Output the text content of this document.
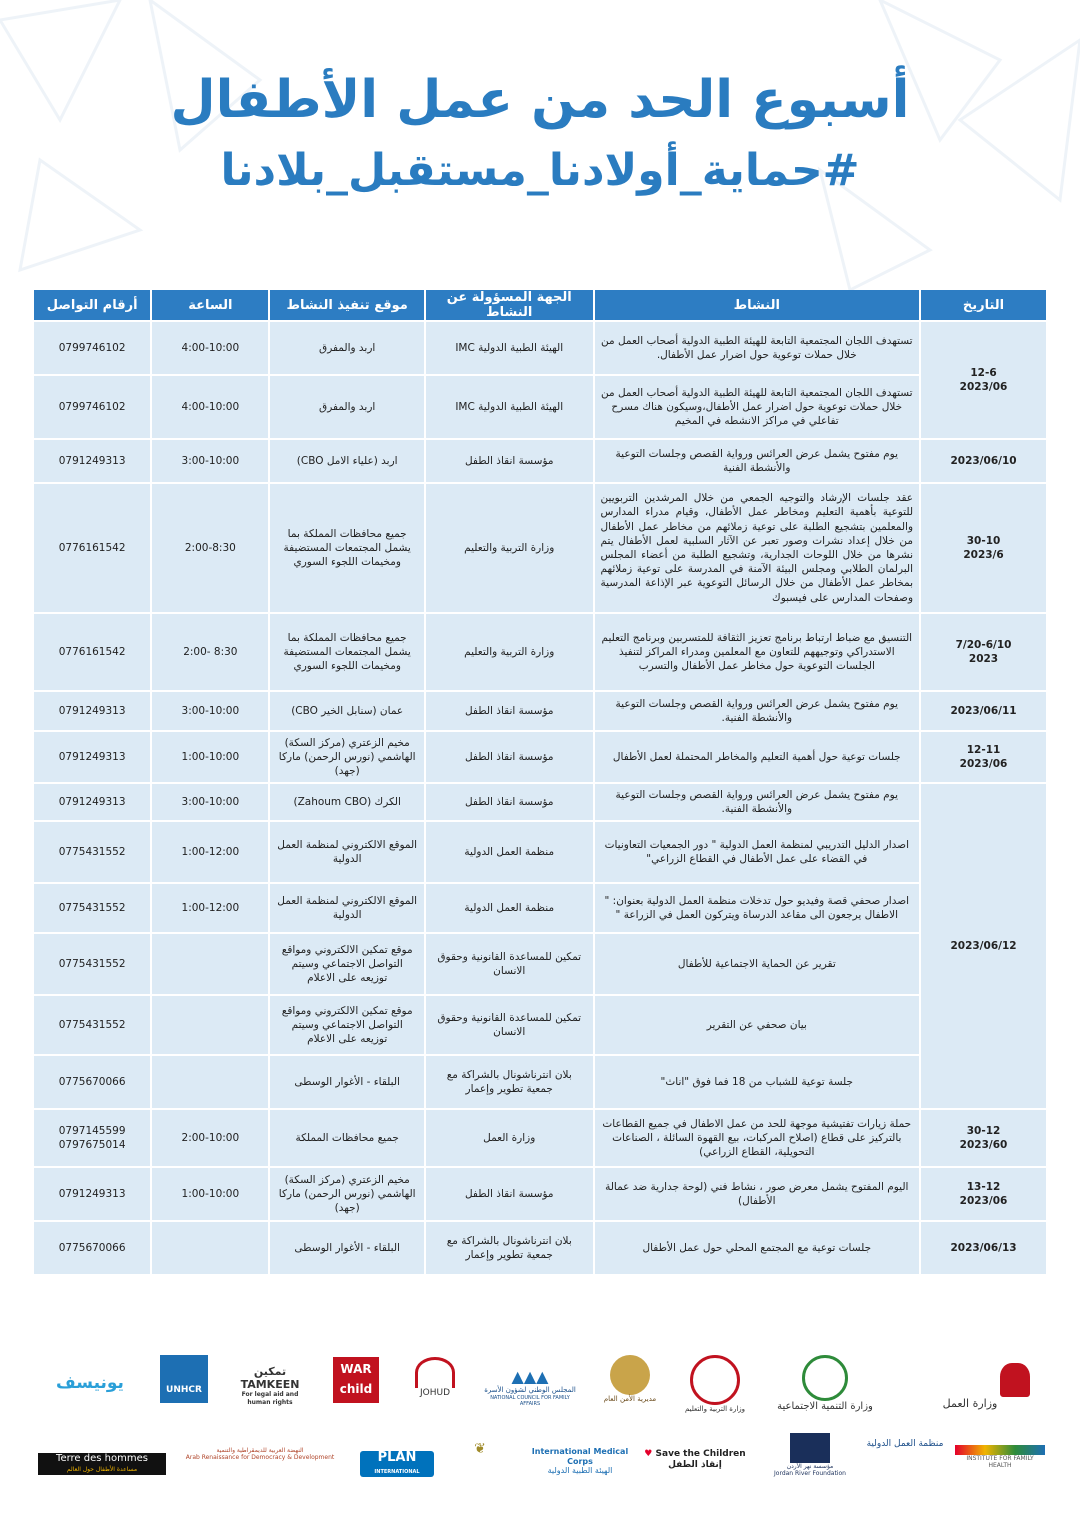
أسبوع الحد من عمل الأطفال
#حماية_أولادنا_مستقبل_بلادنا
التاريخ	النشاط	الجهة المسؤولة عن النشاط	موقع تنفيذ النشاط	الساعة	أرقام التواصل
12-6
2023/06	تستهدف اللجان المجتمعية التابعة للهيئة الطبية الدولية أصحاب العمل من خلال حملات توعوية حول اضرار عمل الأطفال.	الهيئة الطبية الدولية IMC	اربد والمفرق	4:00-10:00	0799746102
	تستهدف اللجان المجتمعية التابعة للهيئة الطبية الدولية أصحاب العمل من خلال حملات توعوية حول اضرار عمل الأطفال،وسيكون هناك مسرح تفاعلي في مراكز الانشطه في المخيم	الهيئة الطبية الدولية IMC	اربد والمفرق	4:00-10:00	0799746102
2023/06/10	يوم مفتوح يشمل عرض العرائس ورواية القصص وجلسات التوعية والأنشطة الفنية	مؤسسة انقاذ الطفل	اربد (علياء الامل CBO)	3:00-10:00	0791249313
30-10
2023/6	عقد جلسات الإرشاد والتوجيه الجمعي من خلال المرشدين التربويين للتوعية بأهمية التعليم ومخاطر عمل الأطفال، وقيام مدراء المدارس والمعلمين بتشجيع الطلبة على توعية زملائهم من مخاطر عمل الأطفال من خلال إعداد نشرات وصور تعبر عن الآثار السلبية لعمل الأطفال يتم نشرها من خلال اللوحات الجدارية، وتشجيع الطلبة من أعضاء المجلس البرلمان الطلابي ومجلس البيئة الآمنة في المدرسة على توعية زملائهم بمخاطر عمل الأطفال من خلال الرسائل التوعوية عبر الإذاعة المدرسية وصفحات المدارس على فيسبوك	وزارة التربية والتعليم	جميع محافظات المملكة بما يشمل المجتمعات المستضيفة ومخيمات اللجوء السوري	2:00-8:30	0776161542
7/20-6/10
2023	التنسيق مع ضباط ارتباط برنامج تعزيز الثقافة للمتسربين وبرنامج التعليم الاستدراكي وتوجيههم للتعاون مع المعلمين ومدراء المراكز لتنفيذ الجلسات التوعوية حول مخاطر عمل الأطفال والتسرب	وزارة التربية والتعليم	جميع محافظات المملكة بما يشمل المجتمعات المستضيفة ومخيمات اللجوء السوري	2:00- 8:30	0776161542
2023/06/11	يوم مفتوح يشمل عرض العرائس ورواية القصص وجلسات التوعية والأنشطة الفنية.	مؤسسة انقاذ الطفل	عمان (سنابل الخير CBO)	3:00-10:00	0791249313
12-11
2023/06	جلسات توعية حول أهمية التعليم والمخاطر المحتملة لعمل الأطفال	مؤسسة انقاذ الطفل	مخيم الزعتري (مركز السكة) الهاشمي (نورس الرحمن) ماركا (جهد)	1:00-10:00	0791249313
2023/06/12	يوم مفتوح يشمل عرض العرائس ورواية القصص وجلسات التوعية والأنشطة الفنية.	مؤسسة انقاذ الطفل	الكرك (Zahoum CBO)	3:00-10:00	0791249313
	اصدار الدليل التدريبي لمنظمة العمل الدولية " دور الجمعيات التعاونيات في القضاء على عمل الأطفال في القطاع الزراعي"	منظمة العمل الدولية	الموقع الالكتروني لمنظمة العمل الدولية	1:00-12:00	0775431552
	اصدار صحفي قصة وفيديو حول تدخلات منظمة العمل الدولية بعنوان: " الاطفال يرجعون الى مقاعد الدرساة ويتركون العمل في الزراعة "	منظمة العمل الدولية	الموقع الالكتروني لمنظمة العمل الدولية	1:00-12:00	0775431552
	تقرير عن الحماية الاجتماعية للأطفال	تمكين للمساعدة القانونية وحقوق الانسان	موقع تمكين الالكتروني ومواقع التواصل الاجتماعي وسيتم توزيعه على الاعلام		0775431552
	بيان صحفي عن التقرير	تمكين للمساعدة القانونية وحقوق الانسان	موقع تمكين الالكتروني ومواقع التواصل الاجتماعي وسيتم توزيعه على الاعلام		0775431552
	جلسة توعية للشباب من 18 فما فوق "اناث"	بلان انترناشونال بالشراكة مع جمعية تطوير وإعمار	البلقاء - الأغوار الوسطى		0775670066
30-12
2023/60	حملة زيارات تفتيشية موجهة للحد من عمل الاطفال في جميع القطاعات بالتركيز على قطاع (اصلاح المركبات، بيع القهوة السائلة ، الصناعات التحويلية، القطاع الزراعي)	وزارة العمل	جميع محافظات المملكة	2:00-10:00	0797145599
0797675014
13-12
2023/06	اليوم المفتوح يشمل معرض صور ، نشاط فني (لوحة جدارية ضد عمالة الأطفال)	مؤسسة انقاذ الطفل	مخيم الزعتري (مركز السكة) الهاشمي (نورس الرحمن) ماركا (جهد)	1:00-10:00	0791249313
2023/06/13	جلسات توعية مع المجتمع المحلي حول عمل الأطفال	بلان انترناشونال بالشراكة مع جمعية تطوير وإعمار	البلقاء - الأغوار الوسطى		0775670066
يونيسف	UNHCR
تمكين TAMKEEN
For legal aid and human rights
WAR child	JOHUD
▲▲▲
المجلس الوطني لشؤون الأسرة
NATIONAL COUNCIL FOR FAMILY AFFAIRS
مديرية الأمن العام
وزارة التربية والتعليم	وزارة التنمية الاجتماعية	وزارة العمل
Terre des hommes
مساعدة الأطفال حول العالم
النهضة العربية للديمقراطية والتنمية
Arab Renaissance for Democracy & Development	PLAN
INTERNATIONAL
❦	International Medical Corps
الهيئة الطبية الدولية
♥ Save the Children
إنقاذ الطفل	مؤسسة نهر الأردن
Jordan River Foundation
منظمة العمل الدولية
INSTITUTE FOR FAMILY HEALTH
